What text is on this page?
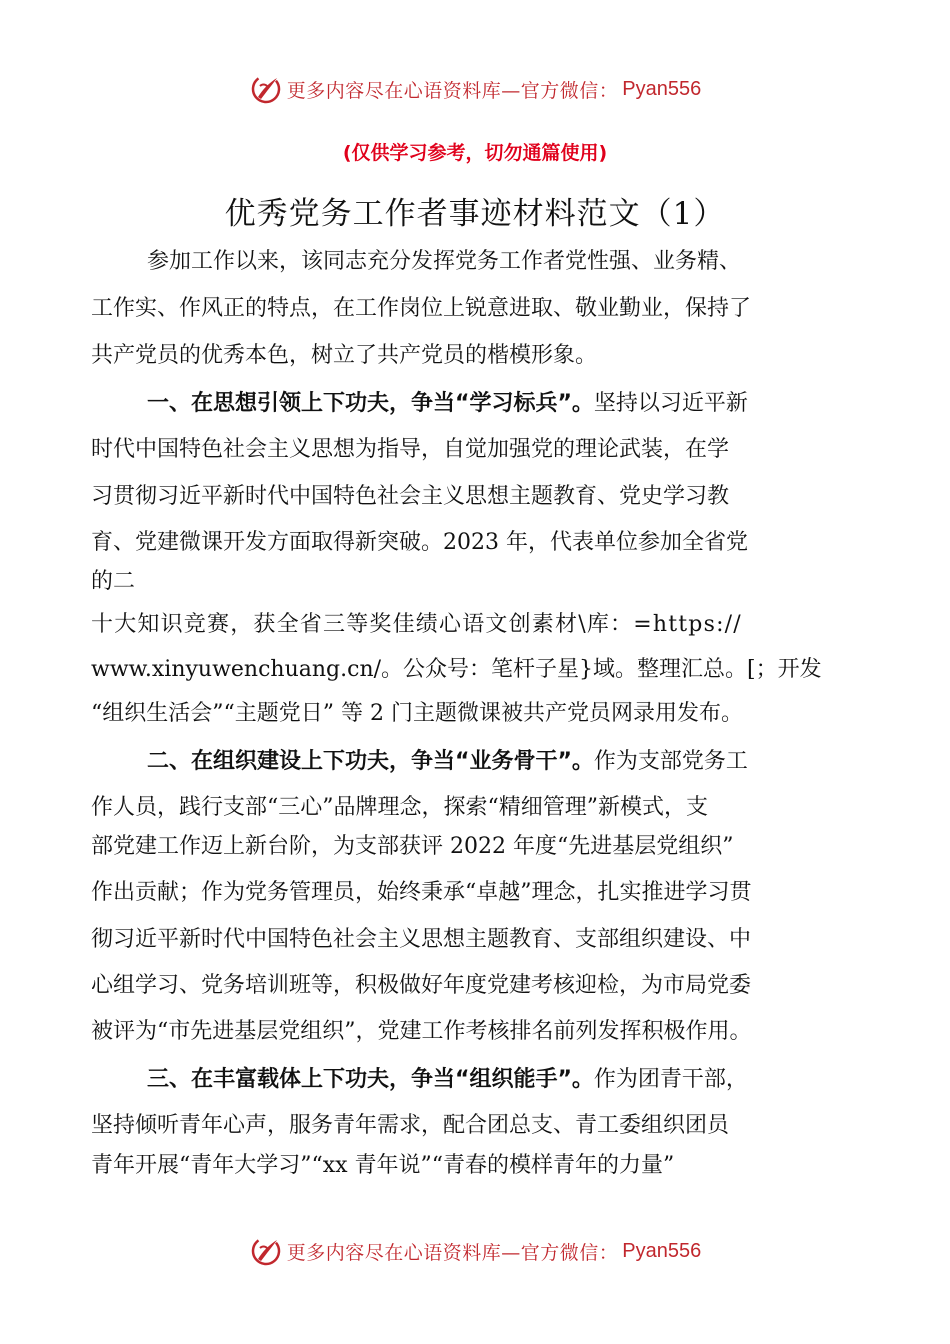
更多内容尽在心语资料库—官方微信： Pyan556
(仅供学习参考，切勿通篇使用)
优秀党务工作者事迹材料范文（1）
参加工作以来，该同志充分发挥党务工作者党性强、业务精、
工作实、作风正的特点，在工作岗位上锐意进取、敬业勤业，保持了
共产党员的优秀本色，树立了共产党员的楷模形象。
一、在思想引领上下功夫，争当“学习标兵”。坚持以习近平新
时代中国特色社会主义思想为指导，自觉加强党的理论武装，在学
习贯彻习近平新时代中国特色社会主义思想主题教育、党史学习教
育、党建微课开发方面取得新突破。2023 年，代表单位参加全省党
的二
十大知识竞赛，获全省三等奖佳绩心语文创素材\库：=https://
www.xinyuwenchuang.cn/。公众号：笔杆子星}域。整理汇总。[；开发
“组织生活会”“主题党日” 等 2 门主题微课被共产党员网录用发布。
二、在组织建设上下功夫，争当“业务骨干”。作为支部党务工
作人员，践行支部“三心”品牌理念，探索“精细管理”新模式，支
部党建工作迈上新台阶，为支部获评 2022 年度“先进基层党组织”
作出贡献；作为党务管理员，始终秉承“卓越”理念，扎实推进学习贯
彻习近平新时代中国特色社会主义思想主题教育、支部组织建设、中
心组学习、党务培训班等，积极做好年度党建考核迎检，为市局党委
被评为“市先进基层党组织”，党建工作考核排名前列发挥积极作用。
三、在丰富载体上下功夫，争当“组织能手”。作为团青干部，
坚持倾听青年心声，服务青年需求，配合团总支、青工委组织团员
青年开展“青年大学习”“xx 青年说”“青春的模样青年的力量”
更多内容尽在心语资料库—官方微信： Pyan556
